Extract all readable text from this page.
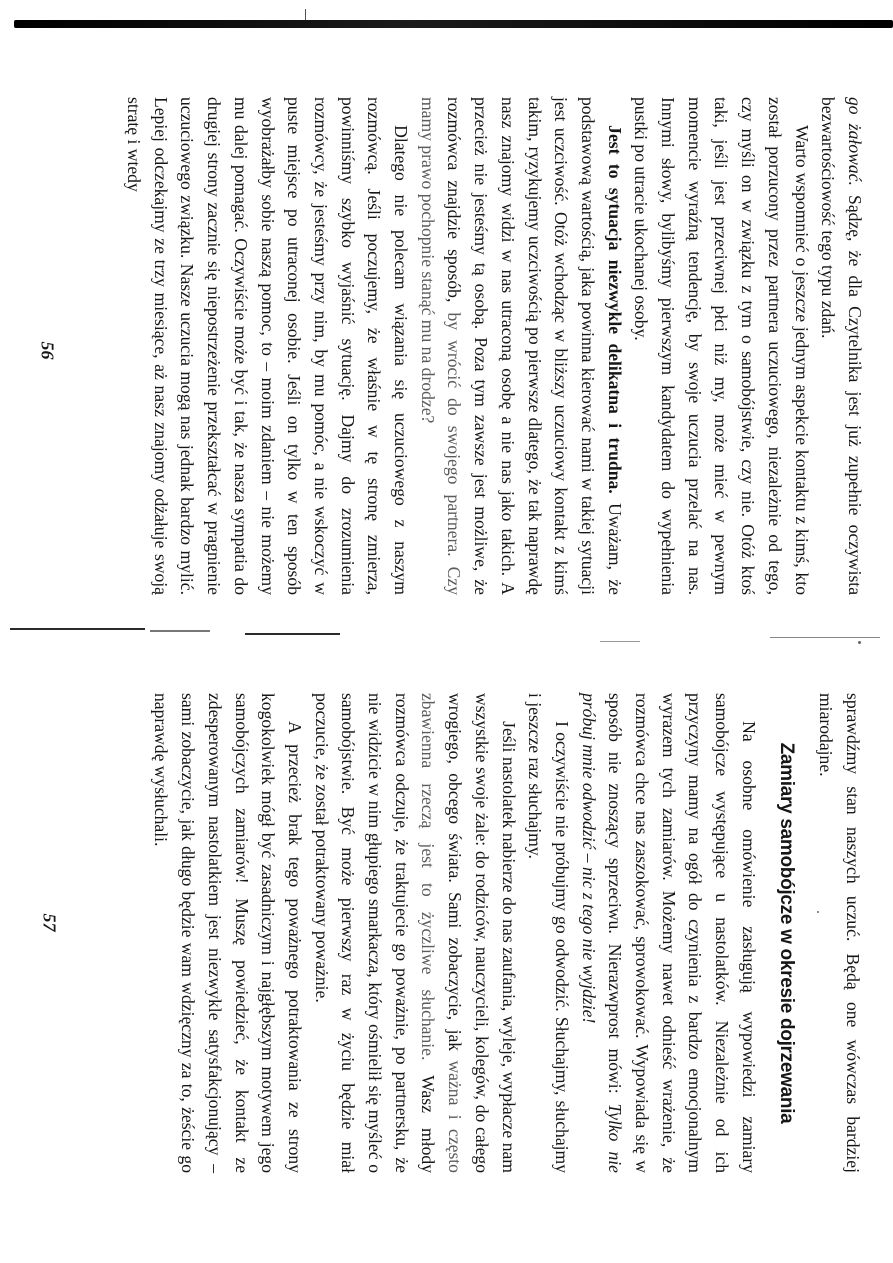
go żałować. Sądzę, że dla Czytelnika jest już zupełnie oczywista bezwartościowość tego typu zdań.

Warto wspomnieć o jeszcze jednym aspekcie kontaktu z kimś, kto został porzucony przez partnera uczuciowego, niezależnie od tego, czy myśli on w związku z tym o samobójstwie, czy nie. Otóż ktoś taki, jeśli jest przeciwnej płci niż my, może mieć w pewnym momencie wyraźną tendencję, by swoje uczucia przelać na nas. Innymi słowy, bylibyśmy pierwszym kandydatem do wypełnienia pustki po utracie ukochanej osoby.

Jest to sytuacja niezwykle delikatna i trudna. Uważam, że podstawową wartością, jaka powinna kierować nami w takiej sytuacji jest uczciwość. Otóż wchodząc w bliższy uczuciowy kontakt z kimś takim, ryzykujemy uczciwością po pierwsze dlatego, że tak naprawdę nasz znajomy widzi w nas utraconą osobę a nie nas jako takich. A przecież nie jesteśmy tą osobą. Poza tym zawsze jest możliwe, że rozmówca znajdzie sposób, by wrócić do swojego partnera. Czy mamy prawo pochopnie stanąć mu na drodze?

Dlatego nie polecam wiązania się uczuciowego z naszym rozmówcą. Jeśli poczujemy, że właśnie w tę stronę zmierza, powinniśmy szybko wyjaśnić sytuację. Dajmy do zrozumienia rozmówcy, że jesteśmy przy nim, by mu pomóc, a nie wskoczyć w puste miejsce po utraconej osobie. Jeśli on tylko w ten sposób wyobrażałby sobie naszą pomoc, to – moim zdaniem – nie możemy mu dalej pomagać. Oczywiście może być i tak, że nasza sympatia do drugiej strony zacznie się niepostrzeżenie przekształcać w pragnienie uczuciowego związku. Nasze uczucia mogą nas jednak bardzo mylić. Lepiej odczekajmy ze trzy miesiące, aż nasz znajomy odżałuje swoją stratę i wtedy

56

sprawdźmy stan naszych uczuć. Będą one wówczas bardziej miarodajne.

Zamiary samobójcze w okresie dojrzewania

Na osobne omówienie zasługują wypowiedzi zamiary samobójcze występujące u nastolatków. Niezależnie od ich przyczyny mamy na ogół do czynienia z bardzo emocjonalnym wyrazem tych zamiarów. Możemy nawet odnieść wrażenie, że rozmówca chce nas zaszokować, sprowokować. Wypowiada się w sposób nie znoszący sprzeciwu. Nierazwprost mówi: Tylko nie próbuj mnie odwodzić – nic z tego nie wyjdzie!

I oczywiście nie próbujmy go odwodzić. Słuchajmy, słuchajmy i jeszcze raz słuchajmy.

Jeśli nastolatek nabierze do nas zaufania, wyleje, wypłacze nam wszystkie swoje żale: do rodziców, nauczycieli, kolegów, do całego wrogiego, obcego świata. Sami zobaczycie, jak ważna i często zbawienna rzeczą jest to życzliwe słuchanie. Wasz młody rozmówca odczuje, że traktujecie go poważnie, po partnersku, że nie widzicie w nim głupiego smarkacza, który ośmielił się myśleć o samobójstwie. Być może pierwszy raz w życiu będzie miał poczucie, że został potraktowany poważnie.

A przecież brak tego poważnego potraktowania ze strony kogokolwiek mógł być zasadniczym i najgłębszym motywem jego samobójczych zamiarów! Muszę powiedzieć, że kontakt ze zdesperowanym nastolatkiem jest niezwykle satysfakcjonujący – sami zobaczycie, jak długo będzie wam wdzięczny za to, żeście go naprawdę wysłuchali.

57
